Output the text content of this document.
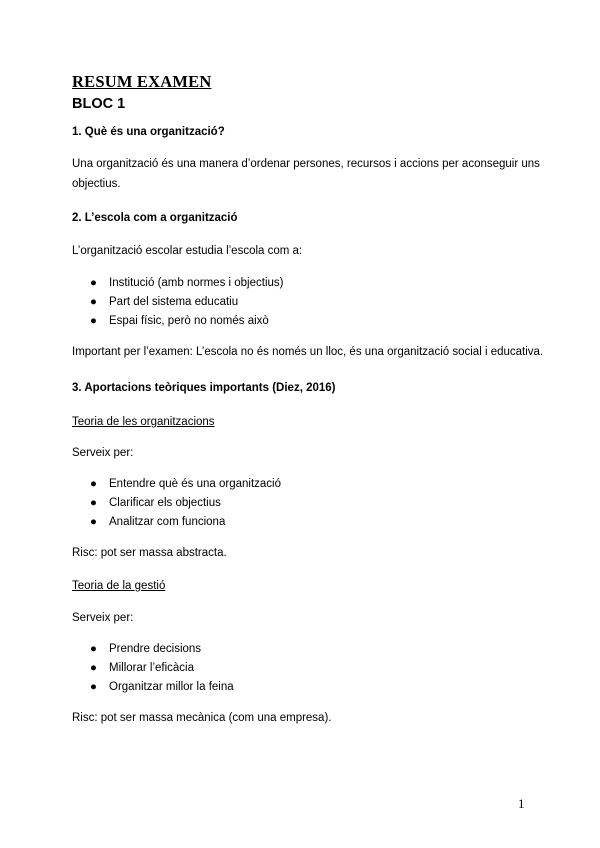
RESUM EXAMEN
BLOC 1
1. Què és una organització?
Una organització és una manera d’ordenar persones, recursos i accions per aconseguir uns objectius.
2. L’escola com a organització
L’organització escolar estudia l’escola com a:
● Institució (amb normes i objectius)
● Part del sistema educatiu
● Espai físic, però no només això
Important per l’examen: L’escola no és només un lloc, és una organització social i educativa.
3. Aportacions teòriques importants (Diez, 2016)
Teoria de les organitzacions
Serveix per:
● Entendre què és una organització
● Clarificar els objectius
● Analitzar com funciona
Risc: pot ser massa abstracta.
Teoria de la gestió
Serveix per:
● Prendre decisions
● Millorar l’eficàcia
● Organitzar millor la feina
Risc: pot ser massa mecànica (com una empresa).
1
